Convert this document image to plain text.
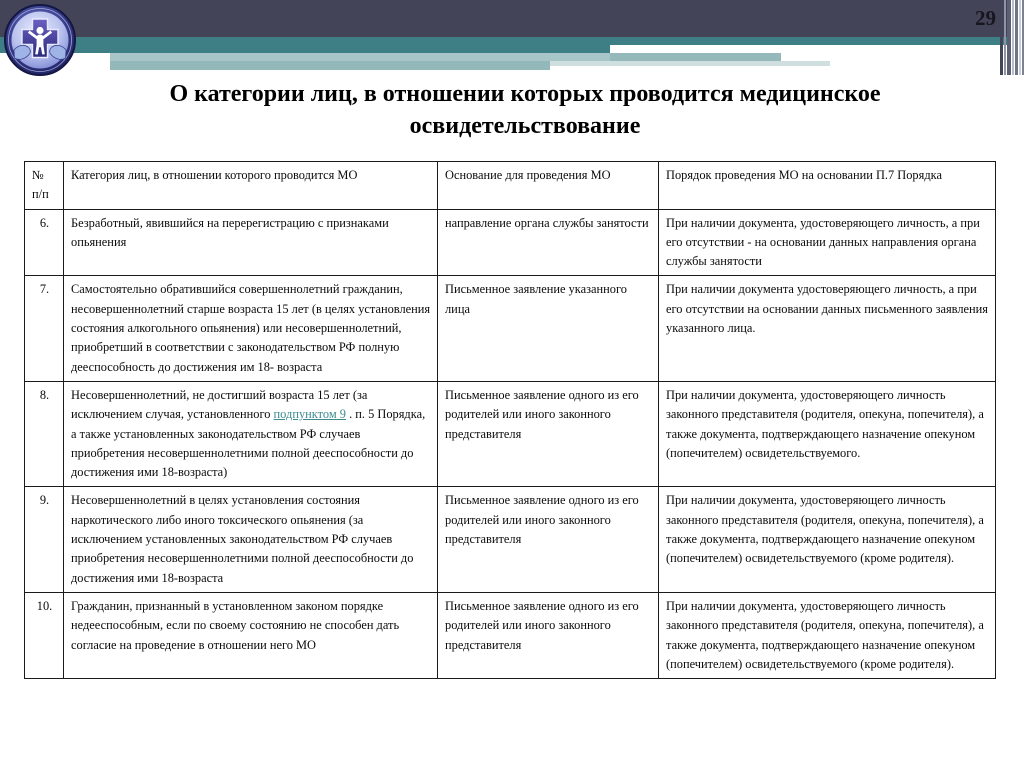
29
О категории лиц, в отношении которых проводится медицинское освидетельствование
№
п/п	Категория лиц, в отношении которого проводится МО	Основание для проведения МО	Порядок проведения МО на основании П.7 Порядка
6.	Безработный, явившийся на перерегистрацию с признаками опьянения	направление органа службы занятости	При наличии документа, удостоверяющего личность, а при его отсутствии - на основании данных направления органа службы занятости
7.	Самостоятельно обратившийся совершеннолетний гражданин, несовершеннолетний старше возраста 15 лет (в целях установления состояния алкогольного опьянения) или несовершеннолетний, приобретший в соответствии с законодательством РФ полную дееспособность до достижения им 18- возраста	Письменное заявление указанного лица	При наличии документа удостоверяющего личность, а при его отсутствии на основании данных письменного заявления указанного лица.
8.	Несовершеннолетний, не достигший возраста 15 лет (за исключением случая, установленного подпунктом 9 . п. 5 Порядка, а также установленных законодательством РФ случаев приобретения несовершеннолетними полной дееспособности до достижения ими 18-возраста)	Письменное заявление одного из его родителей или иного законного представителя	При наличии документа, удостоверяющего личность законного представителя (родителя, опекуна, попечителя), а также документа, подтверждающего назначение опекуном (попечителем) освидетельствуемого.
9.	Несовершеннолетний в целях установления состояния наркотического либо иного токсического опьянения (за исключением установленных законодательством РФ случаев приобретения несовершеннолетними полной дееспособности до достижения ими 18-возраста	Письменное заявление одного из его родителей или иного законного представителя	При наличии документа, удостоверяющего личность законного представителя (родителя, опекуна, попечителя), а также документа, подтверждающего назначение опекуном (попечителем) освидетельствуемого (кроме родителя).
10.	Гражданин, признанный в установленном законом порядке недееспособным, если по своему состоянию не способен дать согласие на проведение в отношении него МО	Письменное заявление одного из его родителей или иного законного представителя	При наличии документа, удостоверяющего личность законного представителя (родителя, опекуна, попечителя), а также документа, подтверждающего назначение опекуном (попечителем) освидетельствуемого (кроме родителя).
